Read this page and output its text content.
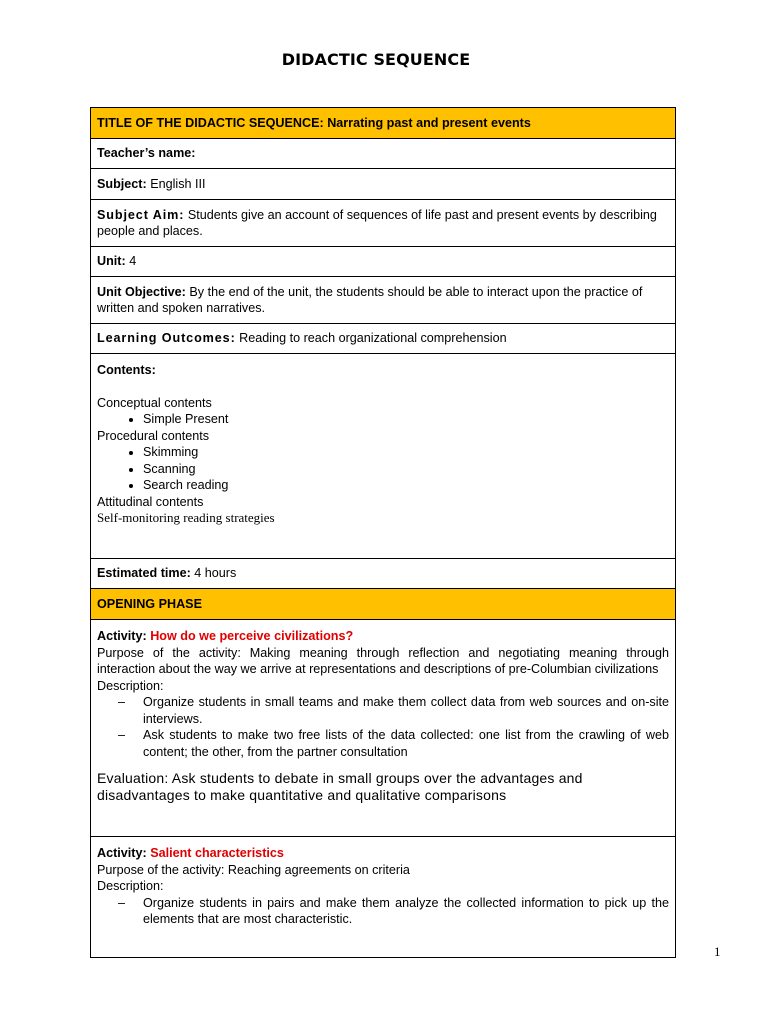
DIDACTIC SEQUENCE
TITLE OF THE DIDACTIC SEQUENCE: Narrating past and present events
Teacher’s name:
Subject: English III
Subject Aim: Students give an account of sequences of life past and present events by describing people and places.
Unit: 4
Unit Objective: By the end of the unit, the students should be able to interact upon the practice of written and spoken narratives.
Learning Outcomes: Reading to reach organizational comprehension

Contents:
Conceptual contents
• Simple Present
Procedural contents
• Skimming
• Scanning
• Search reading
Attitudinal contents
Self-monitoring reading strategies

Estimated time: 4 hours
OPENING PHASE

Activity: How do we perceive civilizations?
Purpose of the activity: Making meaning through reflection and negotiating meaning through interaction about the way we arrive at representations and descriptions of pre-Columbian civilizations
Description:
– Organize students in small teams and make them collect data from web sources and on-site interviews.
– Ask students to make two free lists of the data collected: one list from the crawling of web content; the other, from the partner consultation
Evaluation: Ask students to debate in small groups over the advantages and disadvantages to make quantitative and qualitative comparisons

Activity: Salient characteristics
Purpose of the activity: Reaching agreements on criteria
Description:
– Organize students in pairs and make them analyze the collected information to pick up the elements that are most characteristic.
1
